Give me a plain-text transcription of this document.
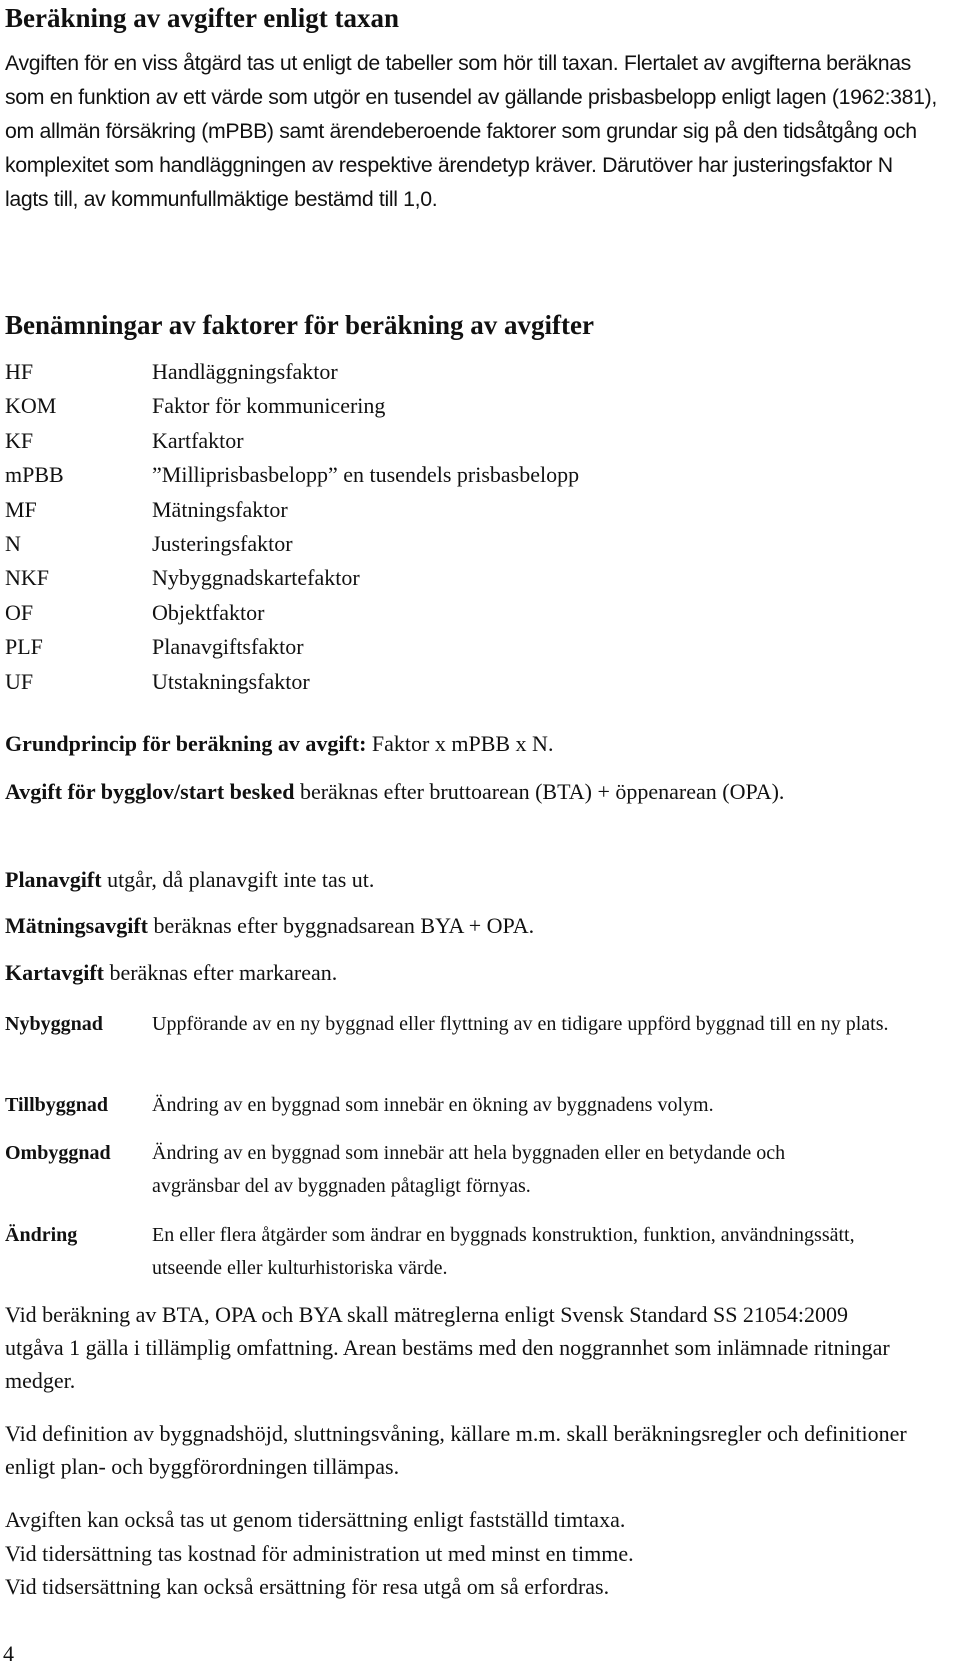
Beräkning av avgifter enligt taxan

Avgiften för en viss åtgärd tas ut enligt de tabeller som hör till taxan. Flertalet av avgifterna beräknas som en funktion av ett värde som utgör en tusendel av gällande prisbasbelopp enligt lagen (1962:381), om allmän försäkring (mPBB) samt ärendeberoende faktorer som grundar sig på den tidsåtgång och komplexitet som handläggningen av respektive ärendetyp kräver. Därutöver har justeringsfaktor N lagts till, av kommunfullmäktige bestämd till 1,0.

Benämningar av faktorer för beräkning av avgifter
HF	Handläggningsfaktor
KOM	Faktor för kommunicering
KF	Kartfaktor
mPBB	”Milliprisbasbelopp” en tusendels prisbasbelopp
MF	Mätningsfaktor
N	Justeringsfaktor
NKF	Nybyggnadskartefaktor
OF	Objektfaktor
PLF	Planavgiftsfaktor
UF	Utstakningsfaktor

Grundprincip för beräkning av avgift: Faktor x mPBB x N.

Avgift för bygglov/start besked beräknas efter bruttoarean (BTA) + öppenarean (OPA).

Planavgift utgår, då planavgift inte tas ut.

Mätningsavgift beräknas efter byggnadsarean BYA + OPA.

Kartavgift beräknas efter markarean.

Nybyggnad Uppförande av en ny byggnad eller flyttning av en tidigare uppförd byggnad till en ny plats.
Tillbyggnad Ändring av en byggnad som innebär en ökning av byggnadens volym.
Ombyggnad Ändring av en byggnad som innebär att hela byggnaden eller en betydande och avgränsbar del av byggnaden påtagligt förnyas.
Ändring	En eller flera åtgärder som ändrar en byggnads konstruktion, funktion, användningssätt, utseende eller kulturhistoriska värde.

Vid beräkning av BTA, OPA och BYA skall mätreglerna enligt Svensk Standard SS 21054:2009 utgåva 1 gälla i tillämplig omfattning. Arean bestäms med den noggrannhet som inlämnade ritningar medger.

Vid definition av byggnadshöjd, sluttningsvåning, källare m.m. skall beräkningsregler och definitioner enligt plan- och byggförordningen tillämpas.

Avgiften kan också tas ut genom tidersättning enligt fastställd timtaxa.

Vid tidersättning tas kostnad för administration ut med minst en timme.

Vid tidsersättning kan också ersättning för resa utgå om så erfordras.

4
